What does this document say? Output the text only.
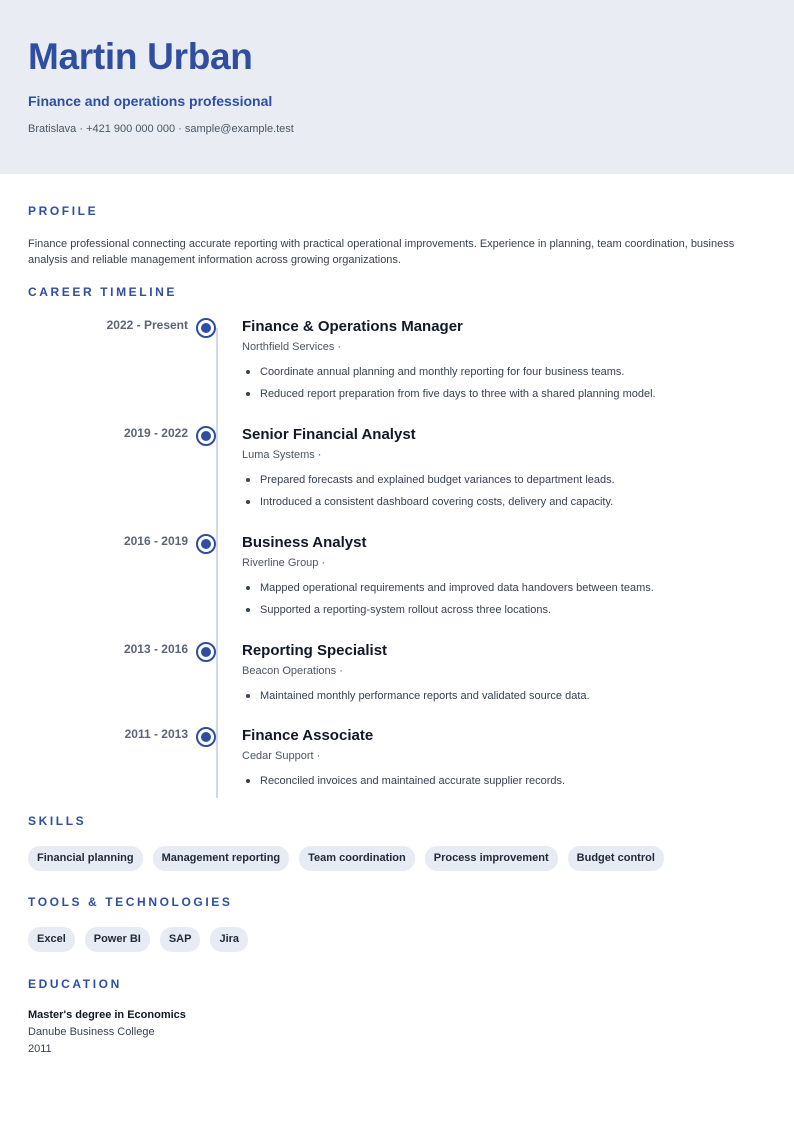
Martin Urban
Finance and operations professional
Bratislava · +421 900 000 000 · sample@example.test
PROFILE
Finance professional connecting accurate reporting with practical operational improvements. Experience in planning, team coordination, business analysis and reliable management information across growing organizations.
CAREER TIMELINE
2022 - Present	Finance & Operations Manager
Northfield Services ·
Coordinate annual planning and monthly reporting for four business teams.
Reduced report preparation from five days to three with a shared planning model.
2019 - 2022	Senior Financial Analyst
Luma Systems ·
Prepared forecasts and explained budget variances to department leads.
Introduced a consistent dashboard covering costs, delivery and capacity.
2016 - 2019	Business Analyst
Riverline Group ·
Mapped operational requirements and improved data handovers between teams.
Supported a reporting-system rollout across three locations.
2013 - 2016	Reporting Specialist
Beacon Operations ·
Maintained monthly performance reports and validated source data.
2011 - 2013	Finance Associate
Cedar Support ·
Reconciled invoices and maintained accurate supplier records.
SKILLS
Financial planning	Management reporting	Team coordination	Process improvement	Budget control
TOOLS & TECHNOLOGIES
Excel	Power BI	SAP	Jira
EDUCATION
Master's degree in Economics
Danube Business College
2011
